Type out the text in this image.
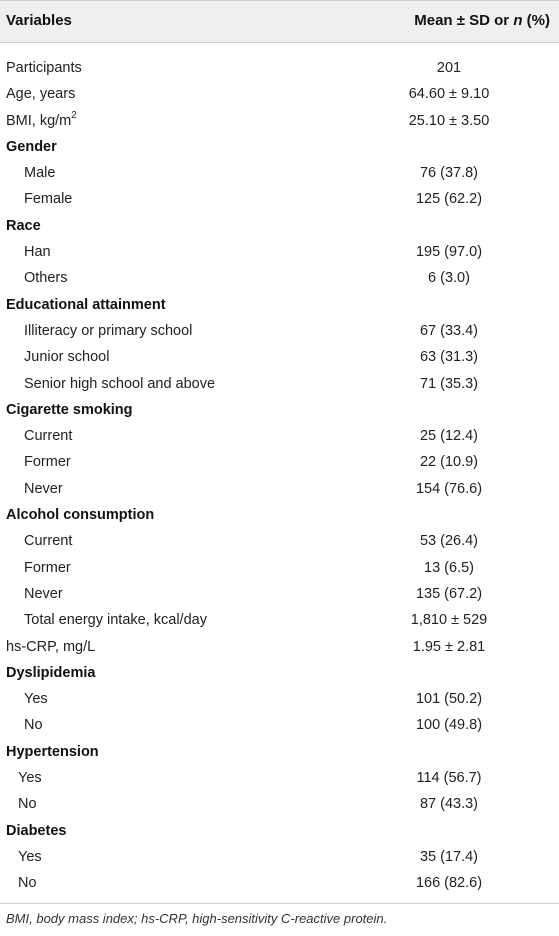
Variables	Mean ± SD or n (%)
Participants	201
Age, years	64.60 ± 9.10
BMI, $kg/m^2$	25.10 ± 3.50
Gender
Male	76 (37.8)
Female	125 (62.2)
Race
Han	195 (97.0)
Others	6 (3.0)
Educational attainment
Illiteracy or primary school	67 (33.4)
Junior school	63 (31.3)
Senior high school and above	71 (35.3)
Cigarette smoking
Current	25 (12.4)
Former	22 (10.9)
Never	154 (76.6)
Alcohol consumption
Current	53 (26.4)
Former	13 (6.5)
Never	135 (67.2)
Total energy intake, kcal/day	1,810 ± 529
hs-CRP, mg/L	1.95 ± 2.81
Dyslipidemia
Yes	101 (50.2)
No	100 (49.8)
Hypertension
Yes	114 (56.7)
No	87 (43.3)
Diabetes
Yes	35 (17.4)
No	166 (82.6)
BMI, body mass index; hs-CRP, high-sensitivity C-reactive protein.
